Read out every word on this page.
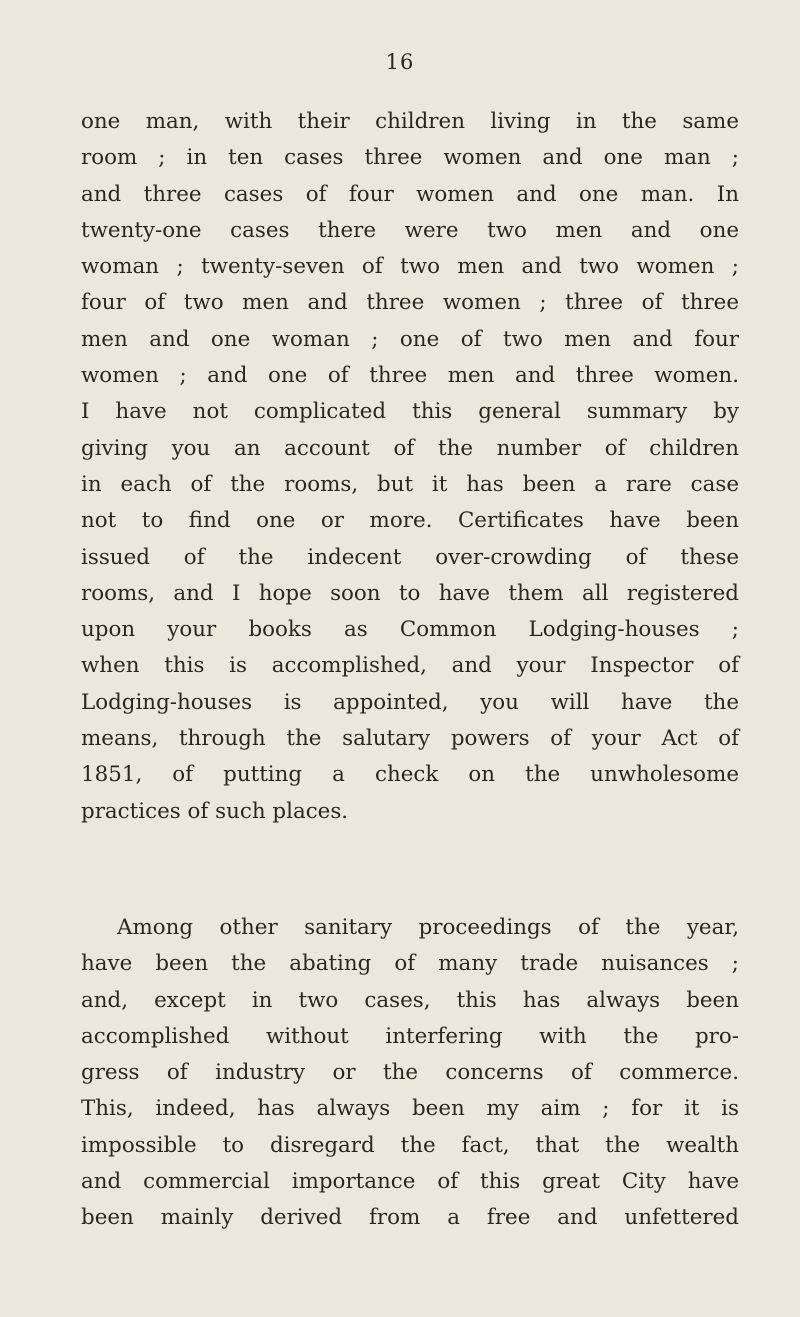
16
one man, with their children living in the same
room ; in ten cases three women and one man ;
and three cases of four women and one man. In
twenty-one cases there were two men and one
woman ; twenty-seven of two men and two women ;
four of two men and three women ; three of three
men and one woman ; one of two men and four
women ; and one of three men and three women.
I have not complicated this general summary by
giving you an account of the number of children
in each of the rooms, but it has been a rare case
not to find one or more. Certificates have been
issued of the indecent over-crowding of these
rooms, and I hope soon to have them all registered
upon your books as Common Lodging-houses ;
when this is accomplished, and your Inspector of
Lodging-houses is appointed, you will have the
means, through the salutary powers of your Act of
1851, of putting a check on the unwholesome
practices of such places.
Among other sanitary proceedings of the year,
have been the abating of many trade nuisances ;
and, except in two cases, this has always been
accomplished without interfering with the pro-
gress of industry or the concerns of commerce.
This, indeed, has always been my aim ; for it is
impossible to disregard the fact, that the wealth
and commercial importance of this great City have
been mainly derived from a free and unfettered
